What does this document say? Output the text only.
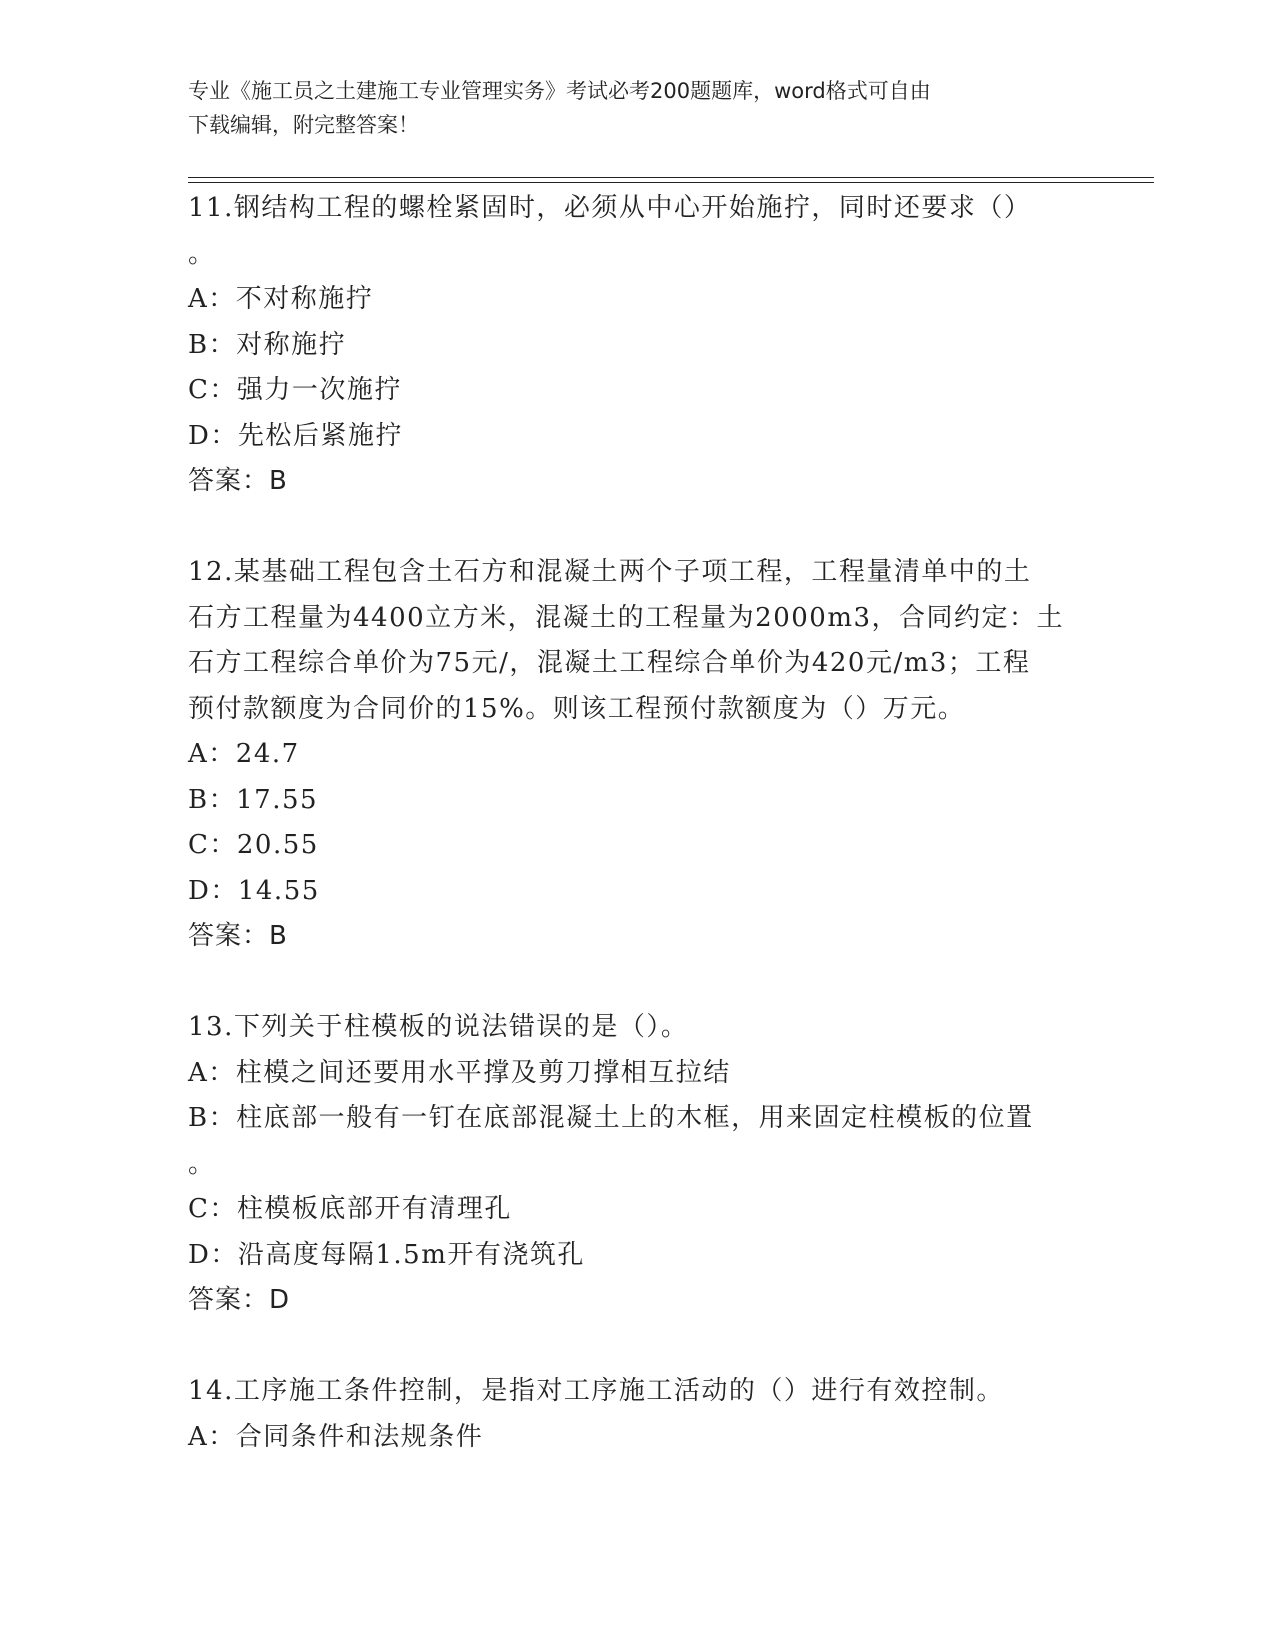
专业《施工员之土建施工专业管理实务》考试必考200题题库，word格式可自由
下载编辑，附完整答案！
11.钢结构工程的螺栓紧固时，必须从中心开始施拧，同时还要求（）
。
A：不对称施拧
B：对称施拧
C：强力一次施拧
D：先松后紧施拧
答案：B
12.某基础工程包含土石方和混凝土两个子项工程，工程量清单中的土
石方工程量为4400立方米，混凝土的工程量为2000m3，合同约定：土
石方工程综合单价为75元/，混凝土工程综合单价为420元/m3；工程
预付款额度为合同价的15%。则该工程预付款额度为（）万元。
A：24.7
B：17.55
C：20.55
D：14.55
答案：B
13.下列关于柱模板的说法错误的是（）。
A：柱模之间还要用水平撑及剪刀撑相互拉结
B：柱底部一般有一钉在底部混凝土上的木框，用来固定柱模板的位置
。
C：柱模板底部开有清理孔
D：沿高度每隔1.5m开有浇筑孔
答案：D
14.工序施工条件控制，是指对工序施工活动的（）进行有效控制。
A：合同条件和法规条件
